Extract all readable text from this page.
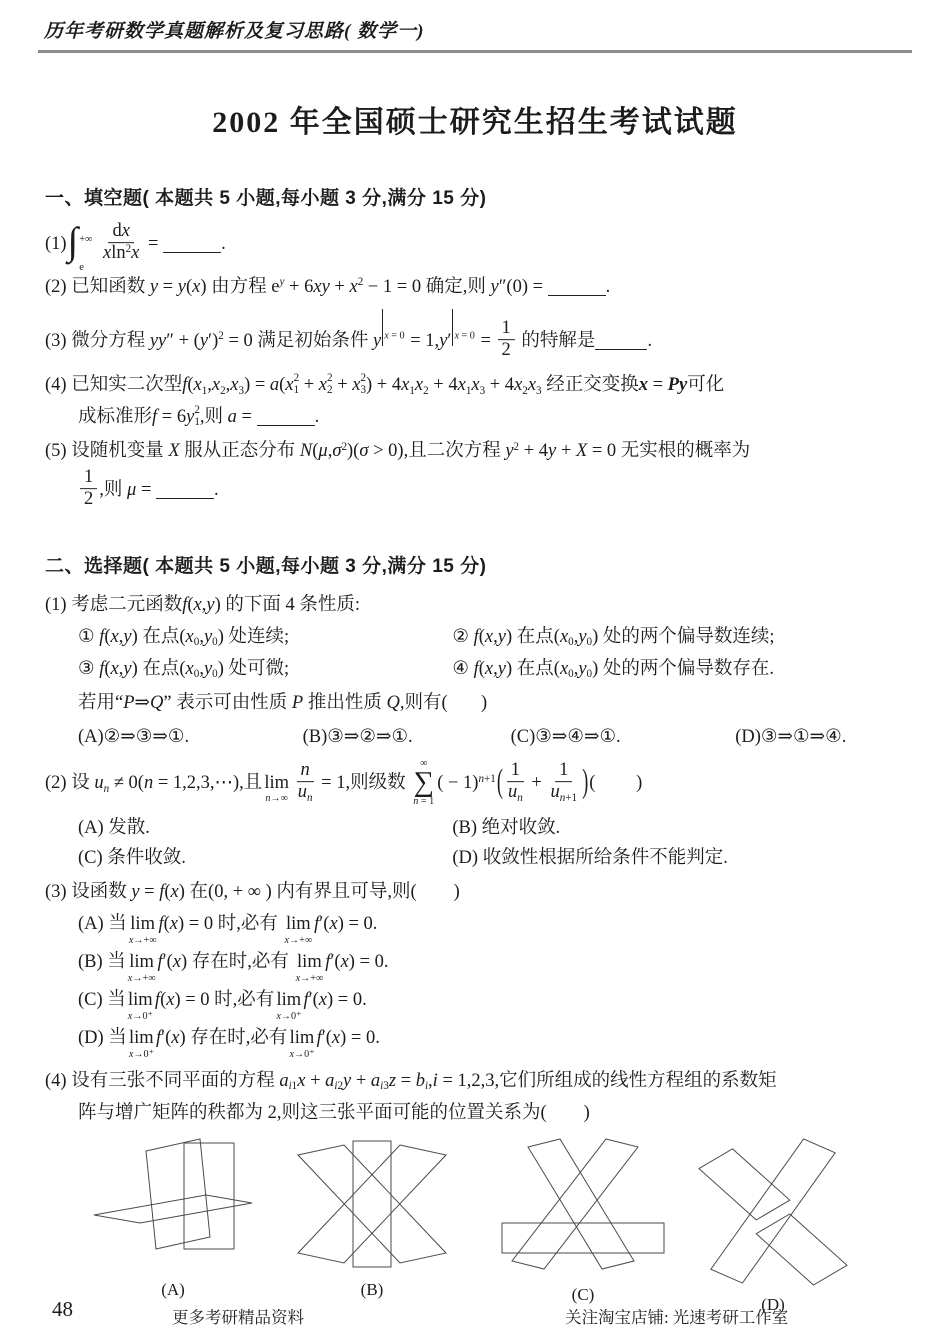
历年考研数学真题解析及复习思路( 数学一)
2002 年全国硕士研究生招生考试试题
一、填空题( 本题共 5 小题,每小题 3 分,满分 15 分)
(1) ∫ +∞
e
$\frac{dx}{xln^2x}$ =	.
(2) 已知函数 y = y(x) 由方程 $e^y + 6xy + x^2 - 1 = 0$ 确定,则 y″(0) =	.
(3) 微分方程 $yy'' + (y')^2 = 0$ 满足初始条件 y x = 0 = 1,y′ $x = 0 = \frac{1}{2}$ 的特解是	.
(4) 已知实二次型$f(x_1,x_2,x_3) = a(x$ 2
1 + x 2
2 + x 2
3 ) + $4x_1x_2 + 4x_1x_3 + 4x_2x_3$ 经正交变换x = Py可化
成标准形f = 6y 2
1 ,则 a =	.
(5) 设随机变量 X 服从正态分布 $N(\mu,\sigma^2)(\sigma > 0)$,且二次方程 $y^2 + 4y + X = 0$ 无实根的概率为
$\frac{1}{2}$ ,则 μ =	.
二、选择题( 本题共 5 小题,每小题 3 分,满分 15 分)
(1) 考虑二元函数f(x,y) 的下面 4 条性质:
① f(x,y) 在点$(x_0,y_0)$ 处连续;	② f(x,y) 在点$(x_0,y_0)$ 处的两个偏导数连续;
③ f(x,y) 在点$(x_0,y_0)$ 处可微;	④ f(x,y) 在点$(x_0,y_0)$ 处的两个偏导数存在.
若用“P⇒Q” 表示可由性质 P 推出性质 Q,则有( )
(A)②⇒③⇒①.	(B)③⇒②⇒①.	(C)③⇒④⇒①.	(D)③⇒①⇒④.
(2) 设 $u_n \ne 0(n$ = 1,2,3,⋯),且 lim
$n\to\infty \frac{n}{u_n} = 1$,则级数
∞
∑
n = 1
( − $1)^{n+1}( \frac{1}{u_n} + \frac{1}{u_{n+1}}$ )( )
(A) 发散.	(B) 绝对收敛.
(C) 条件收敛.	(D) 收敛性根据所给条件不能判定.
(3) 设函数 y = f(x) 在(0, + ∞ ) 内有界且可导,则( )
(A) 当 lim
x→+∞
f(x) = 0 时,必有 lim
x→+∞
f′(x) = 0.
(B) 当 lim
x→+∞
f′(x) 存在时,必有 lim
x→+∞
f′(x) = 0.
(C) 当 lim
x→0⁺
f(x) = 0 时,必有 lim
x→0⁺
f′(x) = 0.
(D) 当 lim
x→0⁺
f′(x) 存在时,必有 lim
x→0⁺
f′(x) = 0.
(4) 设有三张不同平面的方程 $a_{i1}x + a_{i2}y + a_{i3}z = b_i,i = 1,2,3$,它们所组成的线性方程组的系数矩
阵与增广矩阵的秩都为 2,则这三张平面可能的位置关系为( )
(A)	(B)	(C)
(D)
48	更多考研精品资料	关注淘宝店铺: 光速考研工作室
